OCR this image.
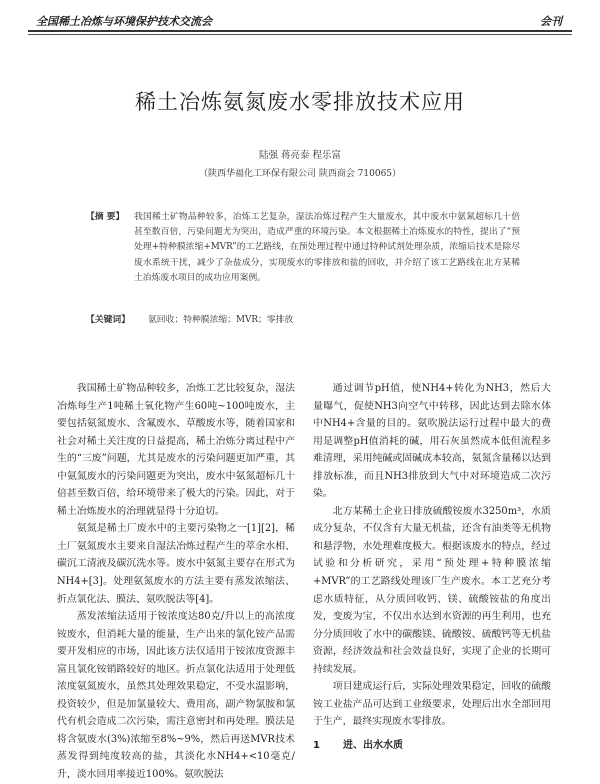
全国稀土冶炼与环境保护技术交流会	会刊
稀土冶炼氨氮废水零排放技术应用
陆强 蒋亮泰 程乐富
（陕西华福化工环保有限公司 陕西商会 710065）
【摘 要】	我国稀土矿物品种较多，冶炼工艺复杂，湿法冶炼过程产生大量废水，其中废水中氨氮超标几十倍甚至数百倍，污染问题尤为突出，造成严重的环境污染。本文根据稀土冶炼废水的特性，提出了“预处理+特种膜浓缩+MVR”的工艺路线，在预处理过程中通过特种试剂处理杂质，浓缩后技术是除尽废水系统干扰，减少了杂盐成分，实现废水的零排放和盐的回收，并介绍了该工艺路线在北方某稀土冶炼废水项目的成功应用案例。
【关键词】 氨回收；特种膜浓缩；MVR；零排放

我国稀土矿物品种较多，冶炼工艺比较复杂，湿法冶炼每生产1吨稀土氧化物产生60吨~100吨废水，主要包括氨氮废水、含氟废水、草酸废水等，随着国家和社会对稀土关注度的日益提高，稀土冶炼分离过程中产生的“三废”问题，尤其是废水的污染问题更加严重，其中氨氮废水的污染问题更为突出，废水中氨氮超标几十倍甚至数百倍，给环境带来了极大的污染。因此，对于稀土冶炼废水的治理就显得十分迫切。

氨氮是稀土厂废水中的主要污染物之一[1][2]，稀土厂氨氮废水主要来自湿法冶炼过程产生的萃余水相、碳沉工清液及碳沉洗水等。废水中氨氮主要存在形式为NH4+[3]。处理氨氮废水的方法主要有蒸发浓缩法、折点氯化法、膜法、氨吹脱法等[4]。

蒸发浓缩法适用于铵浓度达80克/升以上的高浓度铵废水，但消耗大量的能量，生产出来的氯化铵产品需要开发相应的市场，因此该方法仅适用于铵浓度资源丰富且氯化铵销路较好的地区。折点氯化法适用于处理低浓度氨氮废水，虽然其处理效果稳定，不受水温影响，投资较少，但是加氯量较大、费用高，副产物氯胺和氯代有机会造成二次污染，需注意密封和再处理。膜法是将含氨废水(3%)浓缩至8%~9%，然后再送MVR技术蒸发得到纯度较高的盐，其淡化水NH4+<10毫克/升，淡水回用率接近100%。氨吹脱法

通过调节pH值，使NH4+转化为NH3，然后大量曝气，促使NH3向空气中转移，因此达到去除水体中NH4+含量的目的。氨吹脱法运行过程中最大的费用是调整pH值消耗的碱，用石灰虽然成本低但流程多难清理，采用纯碱或固碱成本较高，氨氮含量稀以达到排放标准，而且NH3排放到大气中对环境造成二次污染。

北方某稀土企业日排放硫酸铵废水3250m³，水质成分复杂，不仅含有大量无机盐，还含有油类等无机物和悬浮物，水处理难度极大。根据该废水的特点，经过试验和分析研究，采用“预处理+特种膜浓缩+MVR”的工艺路线处理该厂生产废水。本工艺充分考虑水质特征，从分质回收钙、镁、硫酸铵盐的角度出发，变废为宝，不仅出水达到水资源的再生利用，也充分分质回收了水中的碳酸镁、硫酸铵、硫酸钙等无机盐资源，经济效益和社会效益良好，实现了企业的长期可持续发展。

项目建成运行后，实际处理效果稳定，回收的硫酸铵工业盐产品可达到工业级要求，处理后出水全部回用于生产，最终实现废水零排放。

1 进、出水水质
